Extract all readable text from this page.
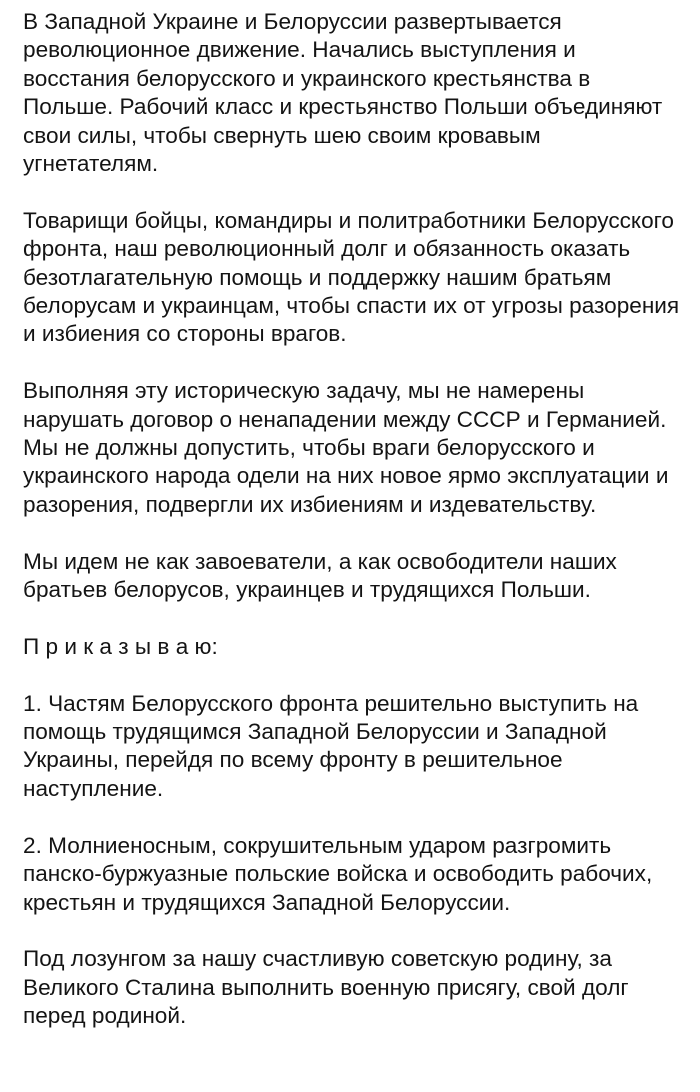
В Западной Украине и Белоруссии развертывается революционное движение. Начались выступления и восстания белорусского и украинского крестьянства в Польше. Рабочий класс и крестьянство Польши объединяют свои силы, чтобы свернуть шею своим кровавым угнетателям.

Товарищи бойцы, командиры и политработники Белорусского фронта, наш революционный долг и обязанность оказать безотлагательную помощь и поддержку нашим братьям белорусам и украинцам, чтобы спасти их от угрозы разорения и избиения со стороны врагов.

Выполняя эту историческую задачу, мы не намерены нарушать договор о ненападении между СССР и Германией. Мы не должны допустить, чтобы враги белорусского и украинского народа одели на них новое ярмо эксплуатации и разорения, подвергли их избиениям и издевательству.

Мы идем не как завоеватели, а как освободители наших братьев белорусов, украинцев и трудящихся Польши.

П р и к а з ы в а ю:

1. Частям Белорусского фронта решительно выступить на помощь трудящимся Западной Белоруссии и Западной Украины, перейдя по всему фронту в решительное наступление.

2. Молниеносным, сокрушительным ударом разгромить панско-буржуазные польские войска и освободить рабочих, крестьян и трудящихся Западной Белоруссии.

Под лозунгом за нашу счастливую советскую родину, за Великого Сталина выполнить военную присягу, свой долг перед родиной.
